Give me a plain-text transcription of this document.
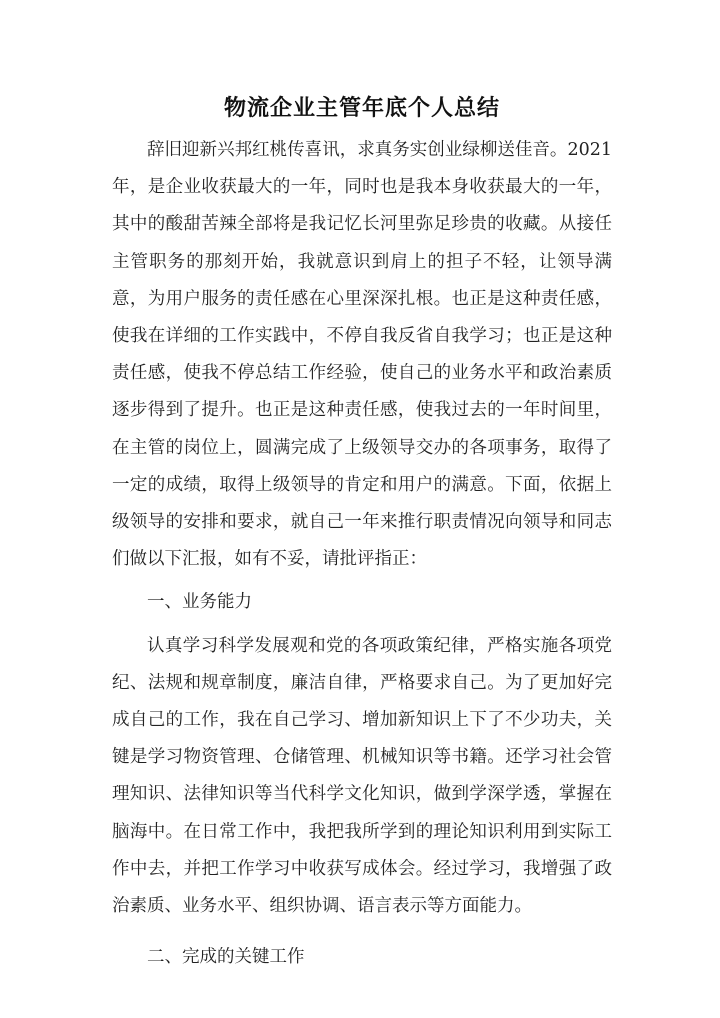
物流企业主管年底个人总结

辞旧迎新兴邦红桃传喜讯，求真务实创业绿柳送佳音。2021年，是企业收获最大的一年，同时也是我本身收获最大的一年，其中的酸甜苦辣全部将是我记忆长河里弥足珍贵的收藏。从接任主管职务的那刻开始，我就意识到肩上的担子不轻，让领导满意，为用户服务的责任感在心里深深扎根。也正是这种责任感，使我在详细的工作实践中，不停自我反省自我学习；也正是这种责任感，使我不停总结工作经验，使自己的业务水平和政治素质逐步得到了提升。也正是这种责任感，使我过去的一年时间里，在主管的岗位上，圆满完成了上级领导交办的各项事务，取得了一定的成绩，取得上级领导的肯定和用户的满意。下面，依据上级领导的安排和要求，就自己一年来推行职责情况向领导和同志们做以下汇报，如有不妥，请批评指正：

一、业务能力

认真学习科学发展观和党的各项政策纪律，严格实施各项党纪、法规和规章制度，廉洁自律，严格要求自己。为了更加好完成自己的工作，我在自己学习、增加新知识上下了不少功夫，关键是学习物资管理、仓储管理、机械知识等书籍。还学习社会管理知识、法律知识等当代科学文化知识，做到学深学透，掌握在脑海中。在日常工作中，我把我所学到的理论知识利用到实际工作中去，并把工作学习中收获写成体会。经过学习，我增强了政治素质、业务水平、组织协调、语言表示等方面能力。

二、完成的关键工作
